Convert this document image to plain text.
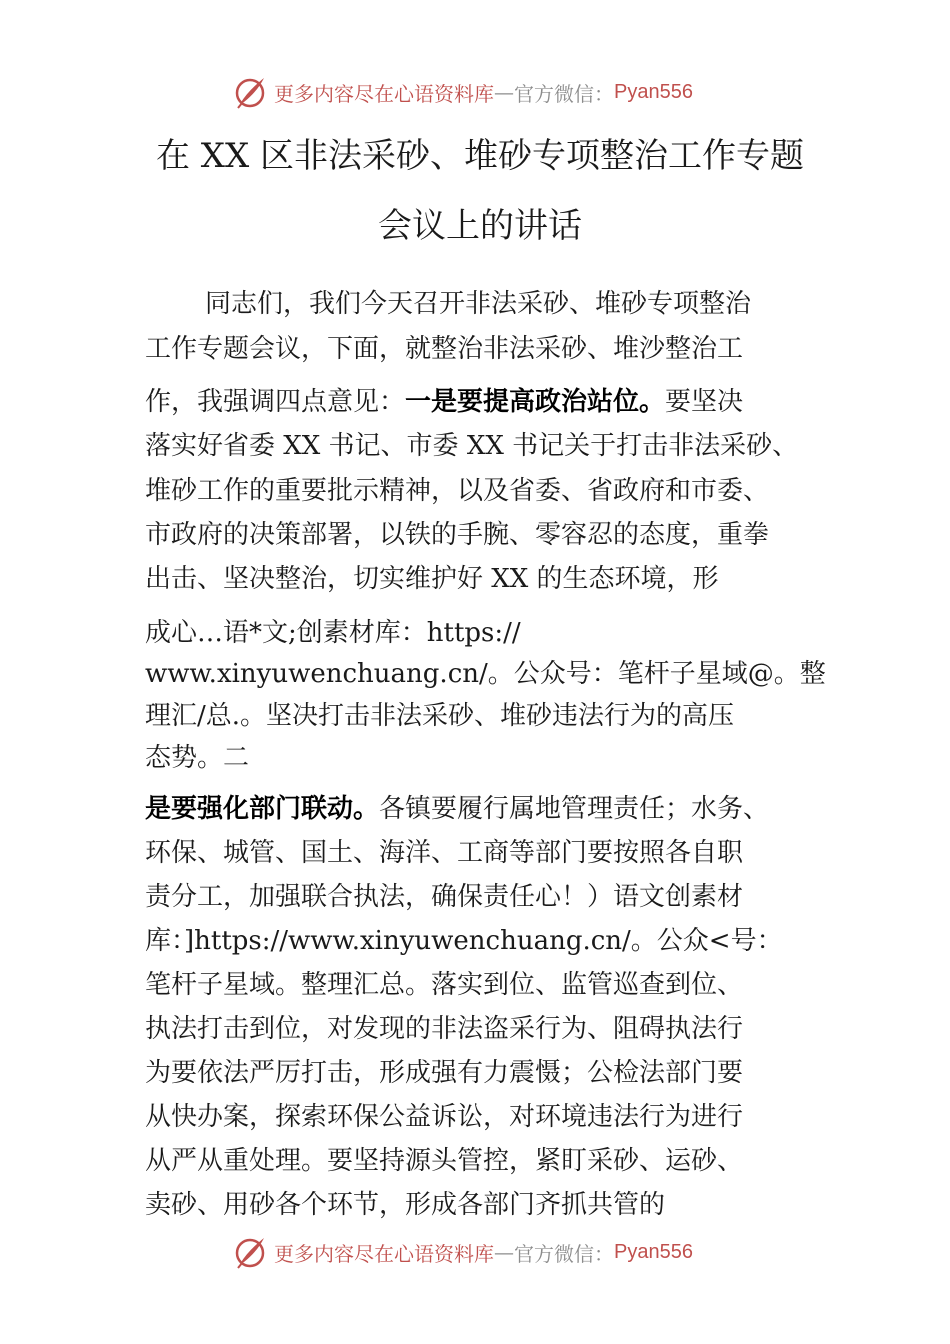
更多内容尽在心语资料库 — 官方微信： Pyan556
在 XX 区非法采砂、堆砂专项整治工作专题
会议上的讲话

同志们，我们今天召开非法采砂、堆砂专项整治

工作专题会议，下面，就整治非法采砂、堆沙整治工

作，我强调四点意见：一是要提高政治站位。要坚决

落实好省委 XX 书记、市委 XX 书记关于打击非法采砂、

堆砂工作的重要批示精神，以及省委、省政府和市委、

市政府的决策部署，以铁的手腕、零容忍的态度，重拳

出击、坚决整治，切实维护好 XX 的生态环境，形

成心…语*文;创素材库：https://

www.xinyuwenchuang.cn/。公众号：笔杆子星域@。整

理汇/总.。坚决打击非法采砂、堆砂违法行为的高压

态势。二

是要强化部门联动。各镇要履行属地管理责任；水务、

环保、城管、国土、海洋、工商等部门要按照各自职

责分工，加强联合执法，确保责任心！）语文创素材

库：]https://www.xinyuwenchuang.cn/。公众<号：

笔杆子星域。整理汇总。落实到位、监管巡查到位、

执法打击到位，对发现的非法盗采行为、阻碍执法行

为要依法严厉打击，形成强有力震慑；公检法部门要

从快办案，探索环保公益诉讼，对环境违法行为进行

从严从重处理。要坚持源头管控，紧盯采砂、运砂、

卖砂、用砂各个环节，形成各部门齐抓共管的

更多内容尽在心语资料库 — 官方微信： Pyan556
